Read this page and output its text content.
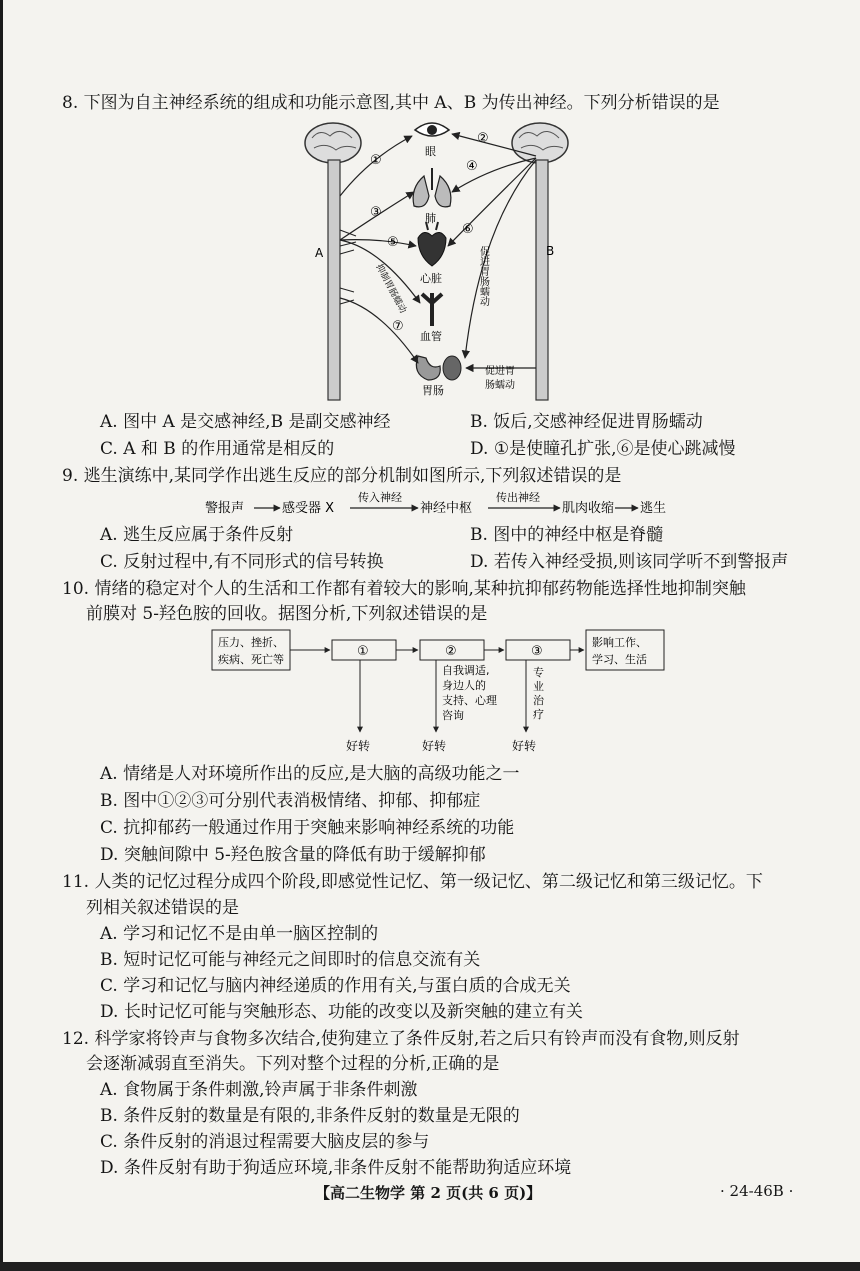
8. 下图为自主神经系统的组成和功能示意图,其中 A、B 为传出神经。下列分析错误的是
A	B
眼
肺
心脏
血管
胃肠
①
②
③
④
⑤
⑥
⑦
抑制胃肠蠕动	促进胃肠蠕动
促进胃
肠蠕动
A. 图中 A 是交感神经,B 是副交感神经	B. 饭后,交感神经促进胃肠蠕动
C. A 和 B 的作用通常是相反的	D. ①是使瞳孔扩张,⑥是使心跳减慢
9. 逃生演练中,某同学作出逃生反应的部分机制如图所示,下列叙述错误的是
警报声	感受器 X
传入神经
神经中枢
传出神经
肌肉收缩 逃生
A. 逃生反应属于条件反射	B. 图中的神经中枢是脊髓
C. 反射过程中,有不同形式的信号转换	D. 若传入神经受损,则该同学听不到警报声
10. 情绪的稳定对个人的生活和工作都有着较大的影响,某种抗抑郁药物能选择性地抑制突触
前膜对 5-羟色胺的回收。据图分析,下列叙述错误的是
压力、挫折、
疾病、死亡等
①	②	③
影响工作、
学习、生活
自我调适,
身边人的
支持、心理
咨询
专
业
治
疗
好转	好转	好转
A. 情绪是人对环境所作出的反应,是大脑的高级功能之一
B. 图中①②③可分别代表消极情绪、抑郁、抑郁症
C. 抗抑郁药一般通过作用于突触来影响神经系统的功能
D. 突触间隙中 5-羟色胺含量的降低有助于缓解抑郁
11. 人类的记忆过程分成四个阶段,即感觉性记忆、第一级记忆、第二级记忆和第三级记忆。下
列相关叙述错误的是
A. 学习和记忆不是由单一脑区控制的
B. 短时记忆可能与神经元之间即时的信息交流有关
C. 学习和记忆与脑内神经递质的作用有关,与蛋白质的合成无关
D. 长时记忆可能与突触形态、功能的改变以及新突触的建立有关
12. 科学家将铃声与食物多次结合,使狗建立了条件反射,若之后只有铃声而没有食物,则反射
会逐渐减弱直至消失。下列对整个过程的分析,正确的是
A. 食物属于条件刺激,铃声属于非条件刺激
B. 条件反射的数量是有限的,非条件反射的数量是无限的
C. 条件反射的消退过程需要大脑皮层的参与
D. 条件反射有助于狗适应环境,非条件反射不能帮助狗适应环境
【高二生物学 第 2 页(共 6 页)】	· 24-46B ·
